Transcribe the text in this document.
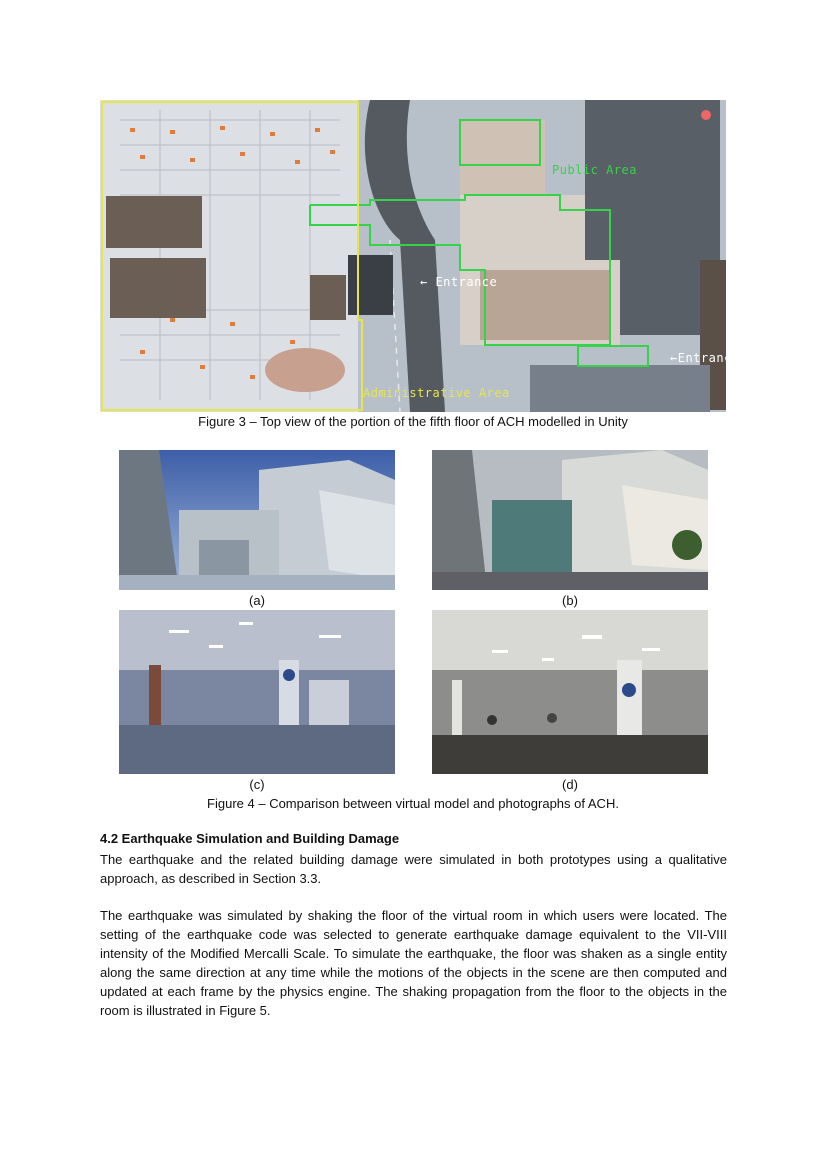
Public Area
← Entrance
←Entrance
Administrative Area
Figure 3 – Top view of the portion of the fifth floor of ACH modelled in Unity
(a)	(b)
(c)	(d)
Figure 4 – Comparison between virtual model and photographs of ACH.
4.2 Earthquake Simulation and Building Damage

The earthquake and the related building damage were simulated in both prototypes using a qualitative approach, as described in Section 3.3.

The earthquake was simulated by shaking the floor of the virtual room in which users were located. The setting of the earthquake code was selected to generate earthquake damage equivalent to the VII-VIII intensity of the Modified Mercalli Scale. To simulate the earthquake, the floor was shaken as a single entity along the same direction at any time while the motions of the objects in the scene are then computed and updated at each frame by the physics engine. The shaking propagation from the floor to the objects in the room is illustrated in Figure 5.
